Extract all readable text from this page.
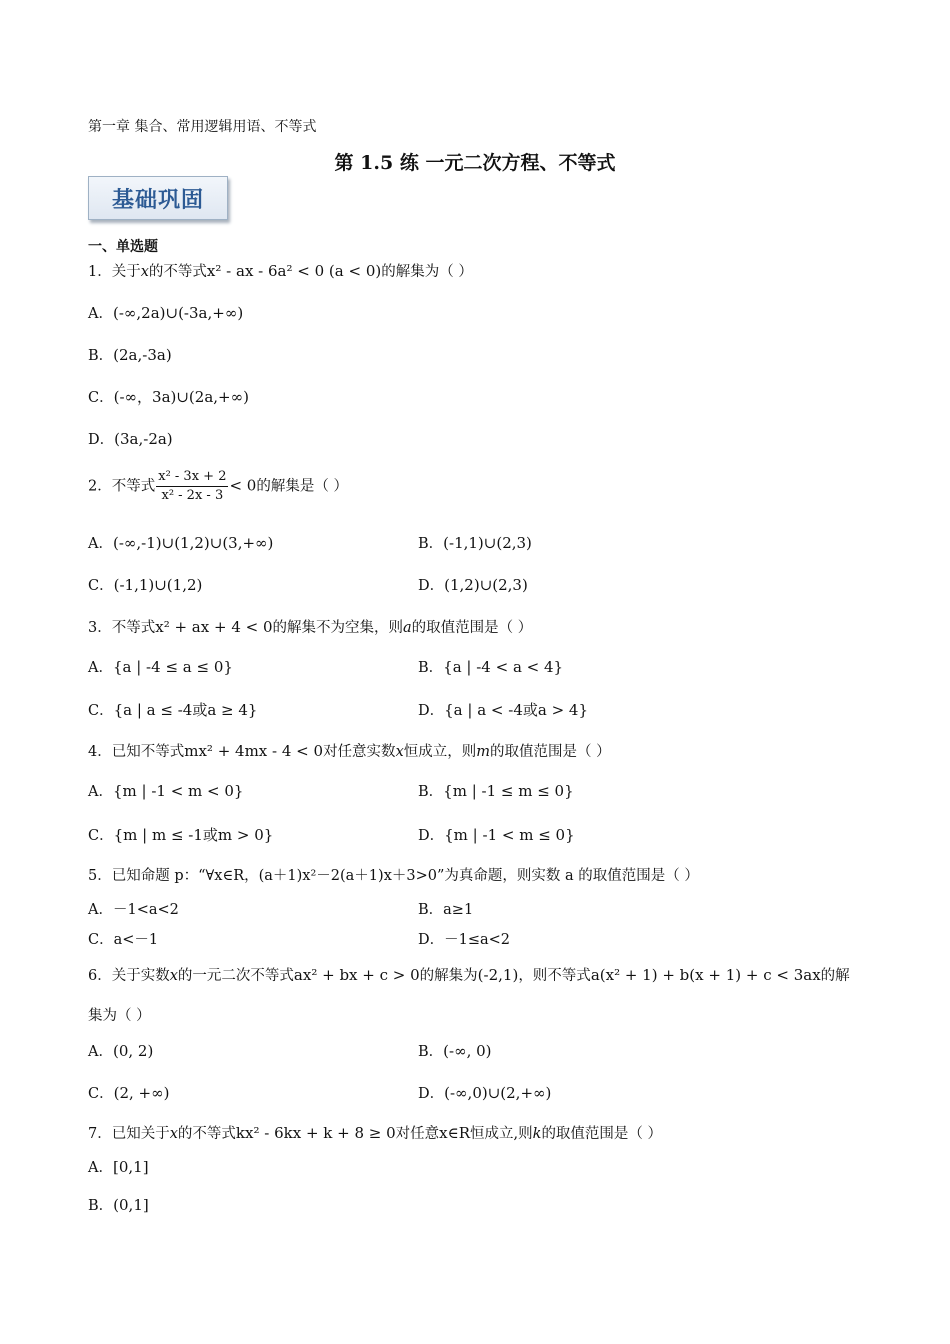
第一章 集合、常用逻辑用语、不等式
第 1.5 练 一元二次方程、不等式
基础巩固
一、单选题
1．关于x的不等式x² - ax - 6a² < 0 (a < 0)的解集为（ ）
A．(-∞,2a)∪(-3a,+∞)
B．(2a,-3a)
C．(-∞，3a)∪(2a,+∞)
D．(3a,-2a)
2．不等式 $\frac{\text{x² - 3x + 2}}{\text{x² - 2x - 3}} < 0$的解集是（ ）
A．(-∞,-1)∪(1,2)∪(3,+∞)	B．(-1,1)∪(2,3)
C．(-1,1)∪(1,2)	D．(1,2)∪(2,3)
3．不等式x² + ax + 4 < 0的解集不为空集，则a的取值范围是（ ）
A．{a | -4 ≤ a ≤ 0}	B．{a | -4 < a < 4}
C．{a | a ≤ -4或a ≥ 4}	D．{a | a < -4或a > 4}
4．已知不等式mx² + 4mx - 4 < 0对任意实数x恒成立，则m的取值范围是（ ）
A．{m | -1 < m < 0}	B．{m | -1 ≤ m ≤ 0}
C．{m | m ≤ -1或m > 0}	D．{m | -1 < m ≤ 0}
5．已知命题 p：“∀x∈R，(a＋1)x²－2(a＋1)x＋3>0”为真命题，则实数 a 的取值范围是（ ）
A．－1<a<2	B．a≥1
C．a<－1	D．－1≤a<2
6．关于实数x的一元二次不等式ax² + bx + c > 0的解集为(-2,1)，则不等式a(x² + 1) + b(x + 1) + c < 3ax的解
集为（ ）
A．(0, 2)	B．(-∞, 0)
C．(2, +∞)	D．(-∞,0)∪(2,+∞)
7．已知关于x的不等式kx² - 6kx + k + 8 ≥ 0对任意x∈R恒成立,则k的取值范围是（ ）
A．[0,1]
B．(0,1]
